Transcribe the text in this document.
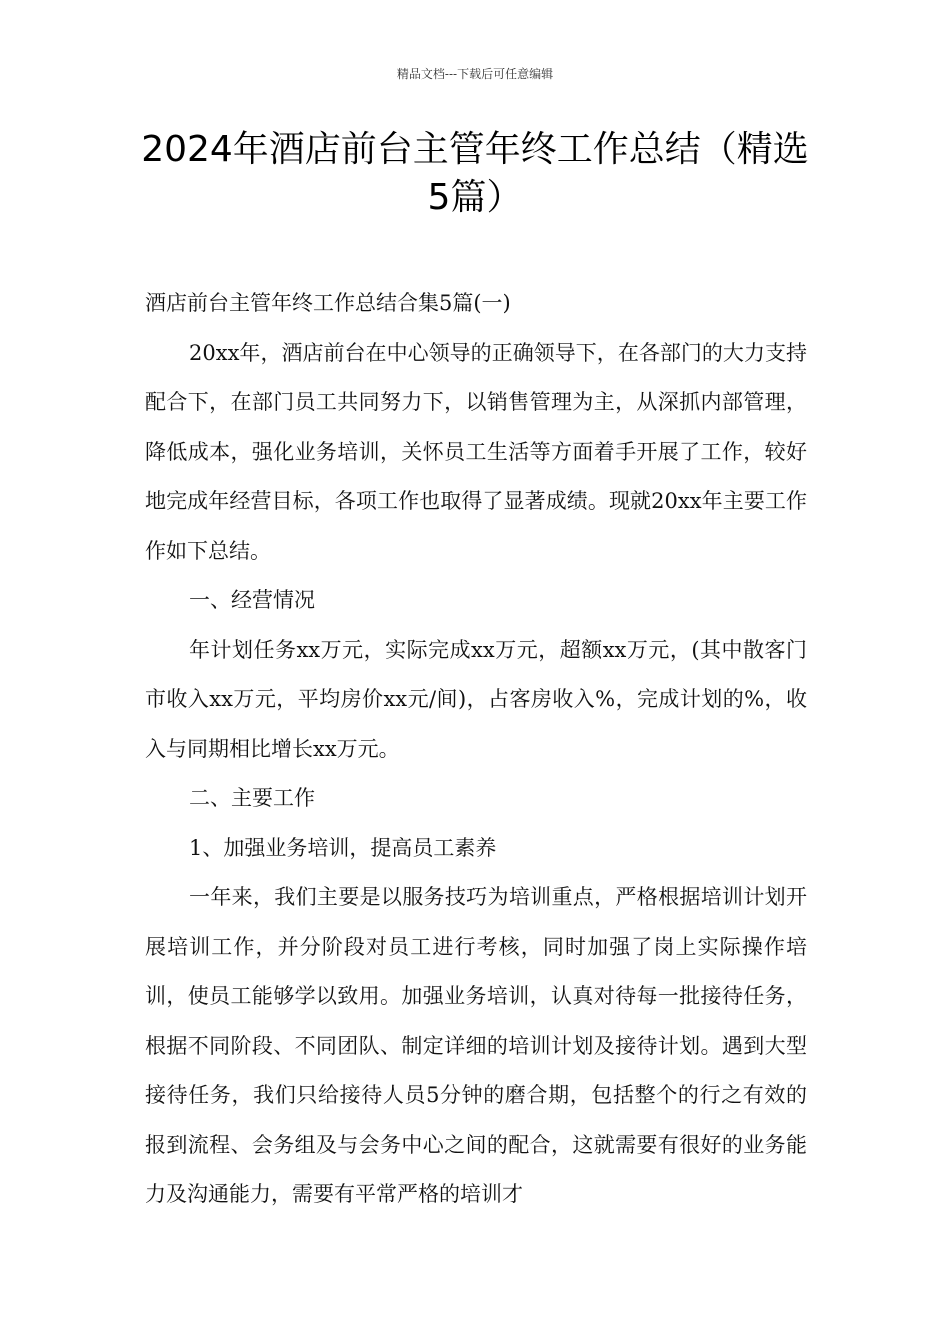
精品文档---下载后可任意编辑
2024年酒店前台主管年终工作总结（精选5篇）

酒店前台主管年终工作总结合集5篇(一)

20xx年，酒店前台在中心领导的正确领导下，在各部门的大力支持配合下，在部门员工共同努力下，以销售管理为主，从深抓内部管理，降低成本，强化业务培训，关怀员工生活等方面着手开展了工作，较好地完成年经营目标，各项工作也取得了显著成绩。现就20xx年主要工作作如下总结。

一、经营情况

年计划任务xx万元，实际完成xx万元，超额xx万元，(其中散客门市收入xx万元，平均房价xx元/间)，占客房收入%，完成计划的%，收入与同期相比增长xx万元。

二、主要工作

1、加强业务培训，提高员工素养

一年来，我们主要是以服务技巧为培训重点，严格根据培训计划开展培训工作，并分阶段对员工进行考核，同时加强了岗上实际操作培训，使员工能够学以致用。加强业务培训，认真对待每一批接待任务，根据不同阶段、不同团队、制定详细的培训计划及接待计划。遇到大型接待任务，我们只给接待人员5分钟的磨合期，包括整个的行之有效的报到流程、会务组及与会务中心之间的配合，这就需要有很好的业务能力及沟通能力，需要有平常严格的培训才
